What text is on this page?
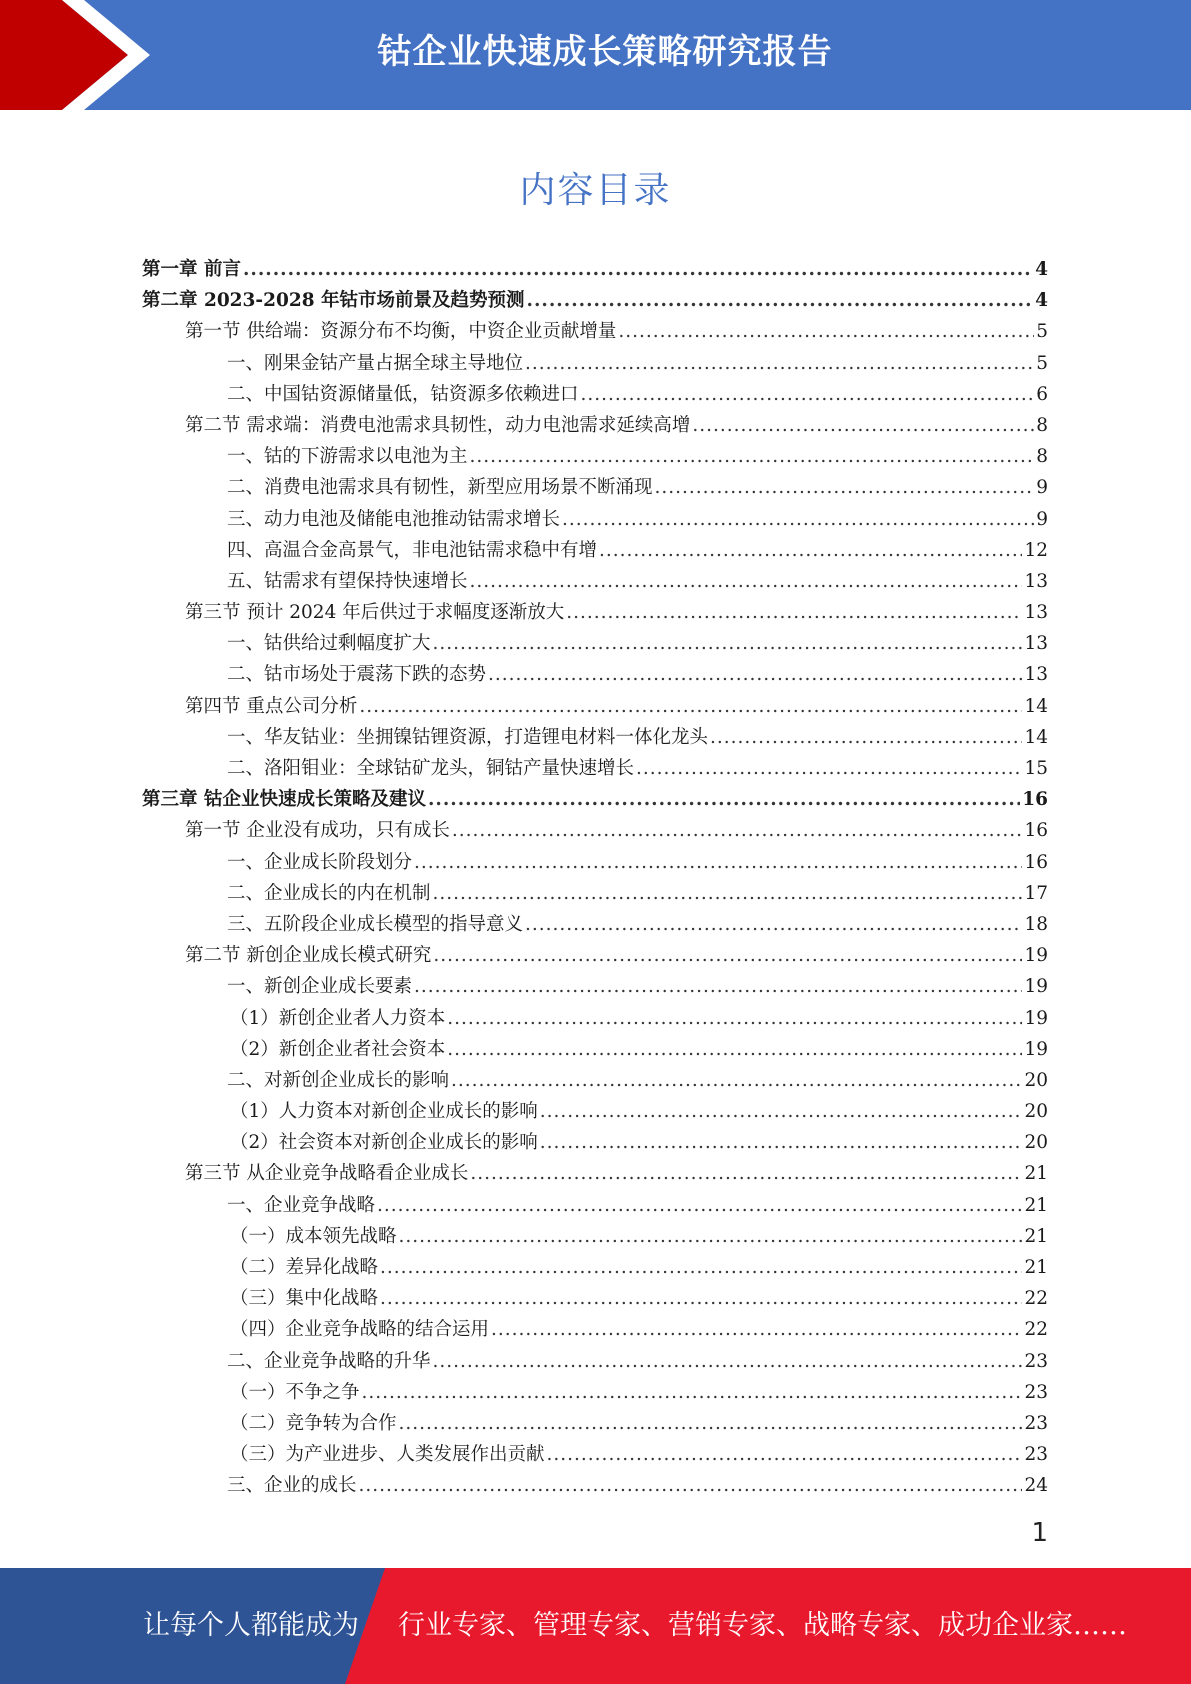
钴企业快速成长策略研究报告
内容目录
第一章 前言 .....	4
第二章 2023-2028 年钴市场前景及趋势预测 .....	4
第一节 供给端：资源分布不均衡，中资企业贡献增量 .....	5
一、刚果金钴产量占据全球主导地位 .....	5
二、中国钴资源储量低，钴资源多依赖进口 .....	6
第二节 需求端：消费电池需求具韧性，动力电池需求延续高增 .....	8
一、钴的下游需求以电池为主 .....	8
二、消费电池需求具有韧性，新型应用场景不断涌现 .....	9
三、动力电池及储能电池推动钴需求增长 .....	9
四、高温合金高景气，非电池钴需求稳中有增 .....	12
五、钴需求有望保持快速增长 .....	13
第三节 预计 2024 年后供过于求幅度逐渐放大 .....	13
一、钴供给过剩幅度扩大 .....	13
二、钴市场处于震荡下跌的态势 .....	13
第四节 重点公司分析 .....	14
一、华友钴业：坐拥镍钴锂资源，打造锂电材料一体化龙头 .....	14
二、洛阳钼业：全球钴矿龙头，铜钴产量快速增长 .....	15
第三章 钴企业快速成长策略及建议 .....	16
第一节 企业没有成功，只有成长 .....	16
一、企业成长阶段划分 .....	16
二、企业成长的内在机制 .....	17
三、五阶段企业成长模型的指导意义 .....	18
第二节 新创企业成长模式研究 .....	19
一、新创企业成长要素 .....	19
（1）新创企业者人力资本 .....	19
（2）新创企业者社会资本 .....	19
二、对新创企业成长的影响 .....	20
（1）人力资本对新创企业成长的影响 .....	20
（2）社会资本对新创企业成长的影响 .....	20
第三节 从企业竞争战略看企业成长 .....	21
一、企业竞争战略 .....	21
（一）成本领先战略 .....	21
（二）差异化战略 .....	21
（三）集中化战略 .....	22
（四）企业竞争战略的结合运用 .....	22
二、企业竞争战略的升华 .....	23
（一）不争之争 .....	23
（二）竞争转为合作 .....	23
（三）为产业进步、人类发展作出贡献 .....	23
三、企业的成长 .....	24
1
让每个人都能成为 行业专家、管理专家、营销专家、战略专家、成功企业家……
